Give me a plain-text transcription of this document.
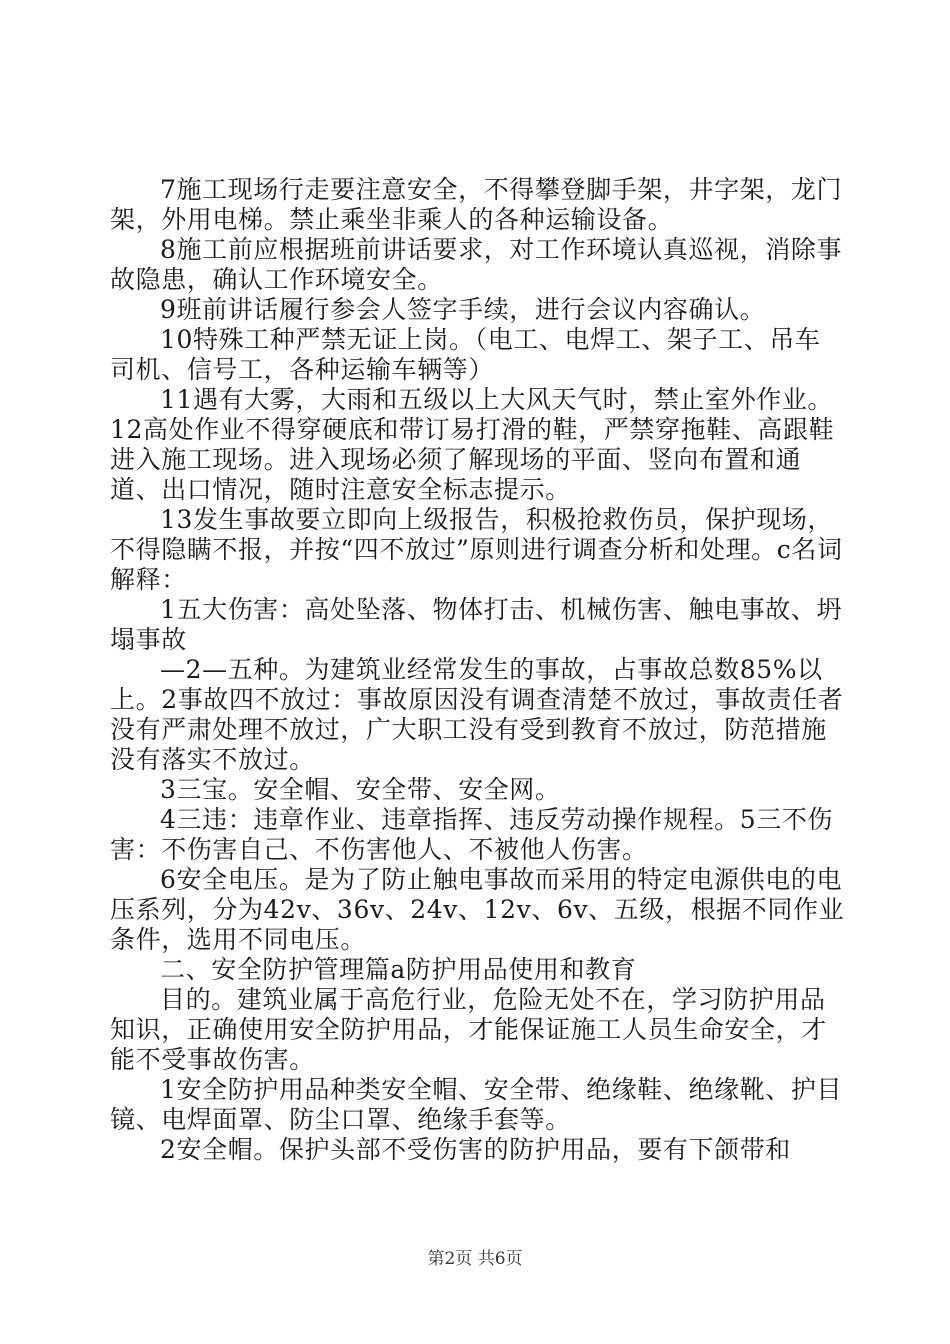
7施工现场行走要注意安全，不得攀登脚手架，井字架，龙门架，外用电梯。禁止乘坐非乘人的各种运输设备。

8施工前应根据班前讲话要求，对工作环境认真巡视，消除事故隐患，确认工作环境安全。

9班前讲话履行参会人签字手续，进行会议内容确认。

10特殊工种严禁无证上岗。（电工、电焊工、架子工、吊车司机、信号工，各种运输车辆等）

11遇有大雾，大雨和五级以上大风天气时，禁止室外作业。

12高处作业不得穿硬底和带订易打滑的鞋，严禁穿拖鞋、高跟鞋进入施工现场。进入现场必须了解现场的平面、竖向布置和通道、出口情况，随时注意安全标志提示。

13发生事故要立即向上级报告，积极抢救伤员，保护现场，不得隐瞒不报，并按“四不放过”原则进行调查分析和处理。c名词解释：

1五大伤害：高处坠落、物体打击、机械伤害、触电事故、坍塌事故

—2—五种。为建筑业经常发生的事故，占事故总数85%以上。2事故四不放过：事故原因没有调查清楚不放过，事故责任者没有严肃处理不放过，广大职工没有受到教育不放过，防范措施没有落实不放过。

3三宝。安全帽、安全带、安全网。

4三违：违章作业、违章指挥、违反劳动操作规程。5三不伤害：不伤害自己、不伤害他人、不被他人伤害。

6安全电压。是为了防止触电事故而采用的特定电源供电的电压系列，分为42v、36v、24v、12v、6v、五级，根据不同作业条件，选用不同电压。

二、安全防护管理篇a防护用品使用和教育

目的。建筑业属于高危行业，危险无处不在，学习防护用品知识，正确使用安全防护用品，才能保证施工人员生命安全，才能不受事故伤害。

1安全防护用品种类安全帽、安全带、绝缘鞋、绝缘靴、护目镜、电焊面罩、防尘口罩、绝缘手套等。

2安全帽。保护头部不受伤害的防护用品，要有下颌带和

第2页 共6页
